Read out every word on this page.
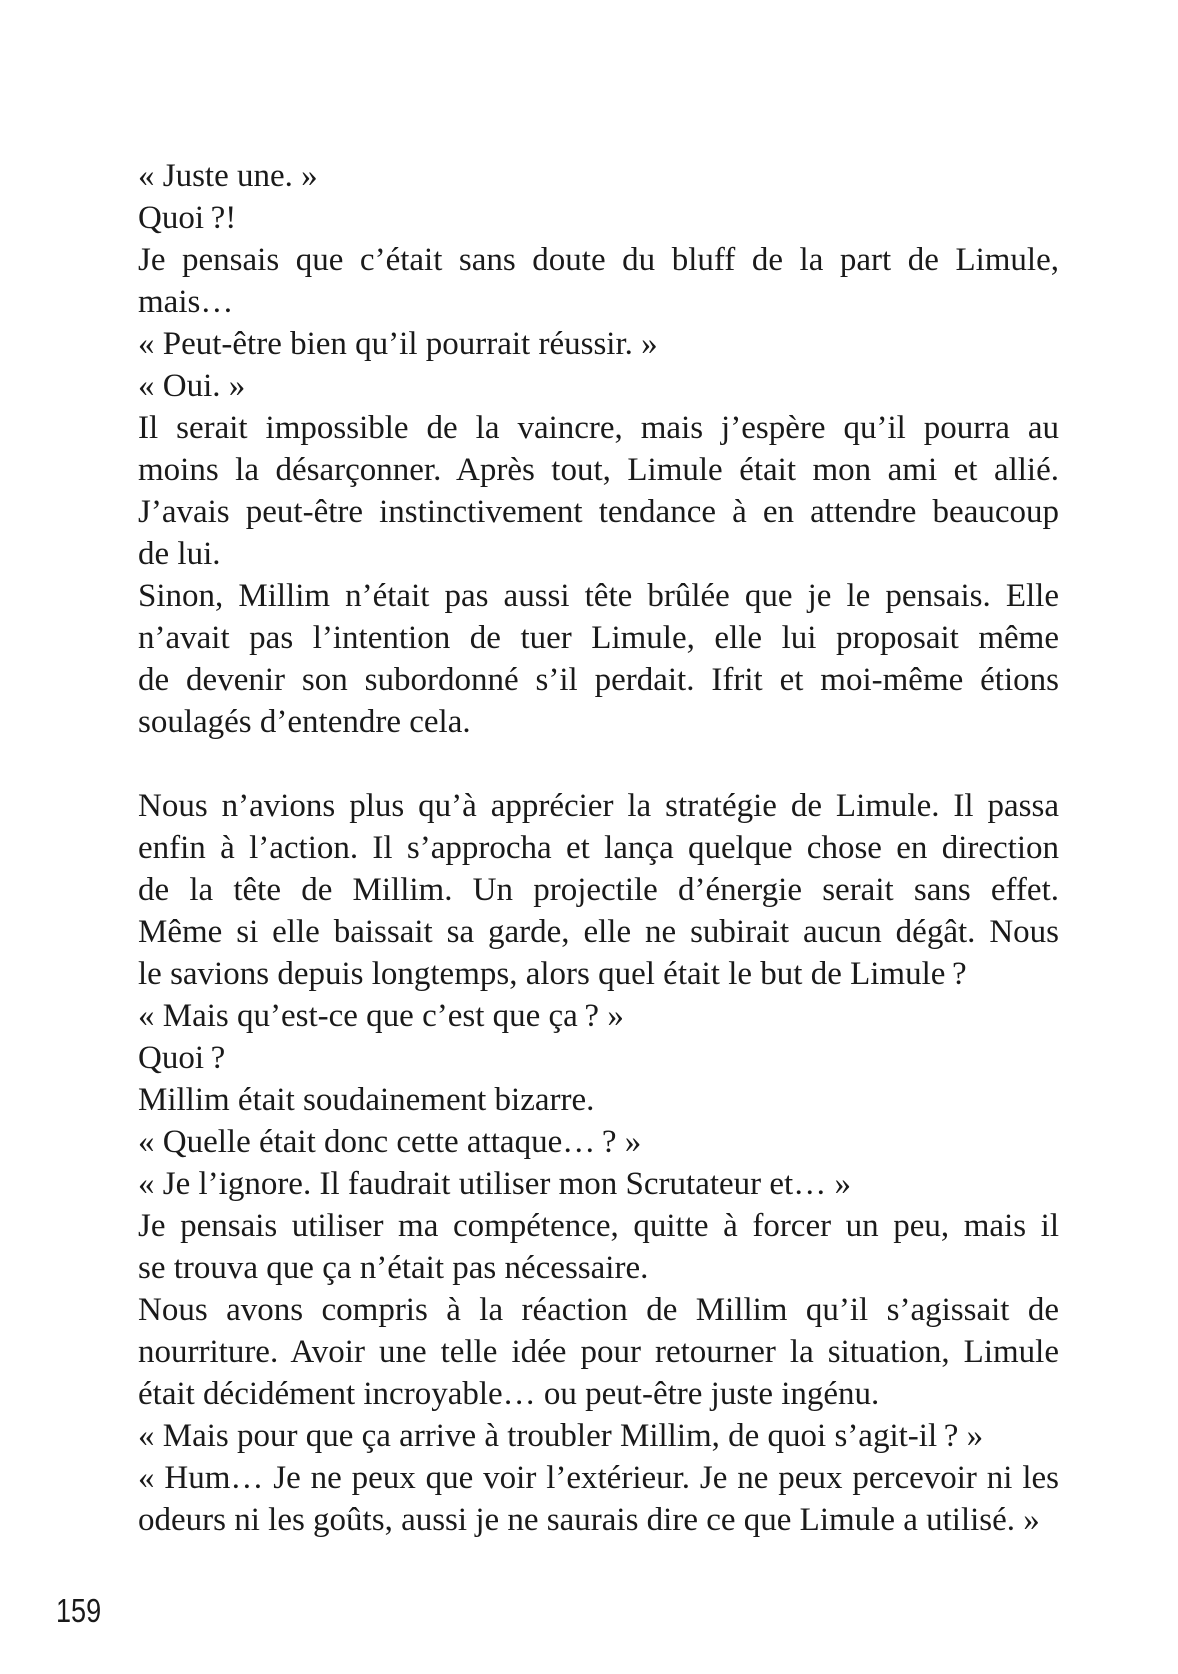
« Juste une. »

Quoi ?!

Je pensais que c’était sans doute du bluff de la part de Limule,
mais…

« Peut-être bien qu’il pourrait réussir. »

« Oui. »

Il serait impossible de la vaincre, mais j’espère qu’il pourra au
moins la désarçonner. Après tout, Limule était mon ami et allié.
J’avais peut-être instinctivement tendance à en attendre beaucoup
de lui.

Sinon, Millim n’était pas aussi tête brûlée que je le pensais. Elle
n’avait pas l’intention de tuer Limule, elle lui proposait même
de devenir son subordonné s’il perdait. Ifrit et moi-même étions
soulagés d’entendre cela.

Nous n’avions plus qu’à apprécier la stratégie de Limule. Il passa
enfin à l’action. Il s’approcha et lança quelque chose en direction
de la tête de Millim. Un projectile d’énergie serait sans effet.
Même si elle baissait sa garde, elle ne subirait aucun dégât. Nous
le savions depuis longtemps, alors quel était le but de Limule ?

« Mais qu’est-ce que c’est que ça ? »

Quoi ?

Millim était soudainement bizarre.

« Quelle était donc cette attaque… ? »

« Je l’ignore. Il faudrait utiliser mon Scrutateur et… »

Je pensais utiliser ma compétence, quitte à forcer un peu, mais il
se trouva que ça n’était pas nécessaire.

Nous avons compris à la réaction de Millim qu’il s’agissait de
nourriture. Avoir une telle idée pour retourner la situation, Limule
était décidément incroyable… ou peut-être juste ingénu.

« Mais pour que ça arrive à troubler Millim, de quoi s’agit-il ? »

« Hum… Je ne peux que voir l’extérieur. Je ne peux percevoir ni les
odeurs ni les goûts, aussi je ne saurais dire ce que Limule a utilisé. »

159
